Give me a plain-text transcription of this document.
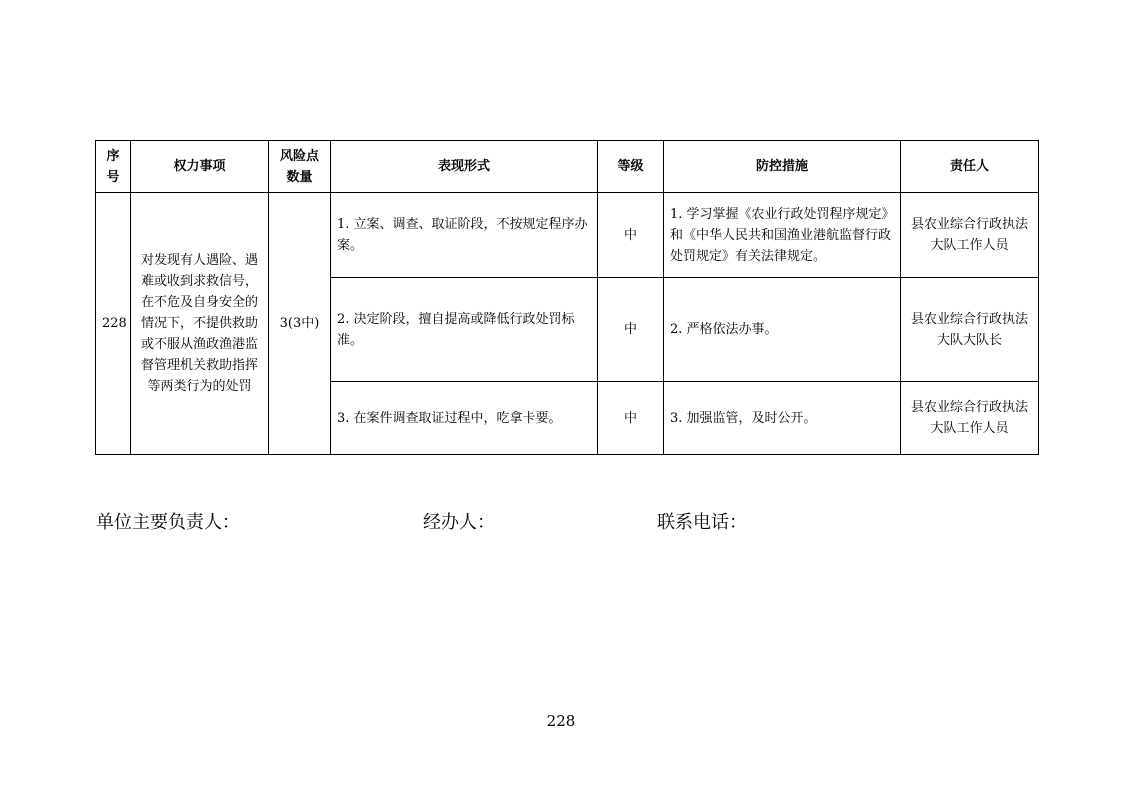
序号	权力事项	风险点数量	表现形式	等级	防控措施	责任人
228	对发现有人遇险、遇难或收到求救信号，在不危及自身安全的情况下，不提供救助或不服从渔政渔港监督管理机关救助指挥等两类行为的处罚	3(3中)	1. 立案、调查、取证阶段，不按规定程序办案。	中	1. 学习掌握《农业行政处罚程序规定》和《中华人民共和国渔业港航监督行政处罚规定》有关法律规定。	县农业综合行政执法大队工作人员
			2. 决定阶段，擅自提高或降低行政处罚标准。	中	2. 严格依法办事。	县农业综合行政执法大队大队长
			3. 在案件调查取证过程中，吃拿卡要。	中	3. 加强监管，及时公开。	县农业综合行政执法大队工作人员
单位主要负责人：	经办人：	联系电话：
228
